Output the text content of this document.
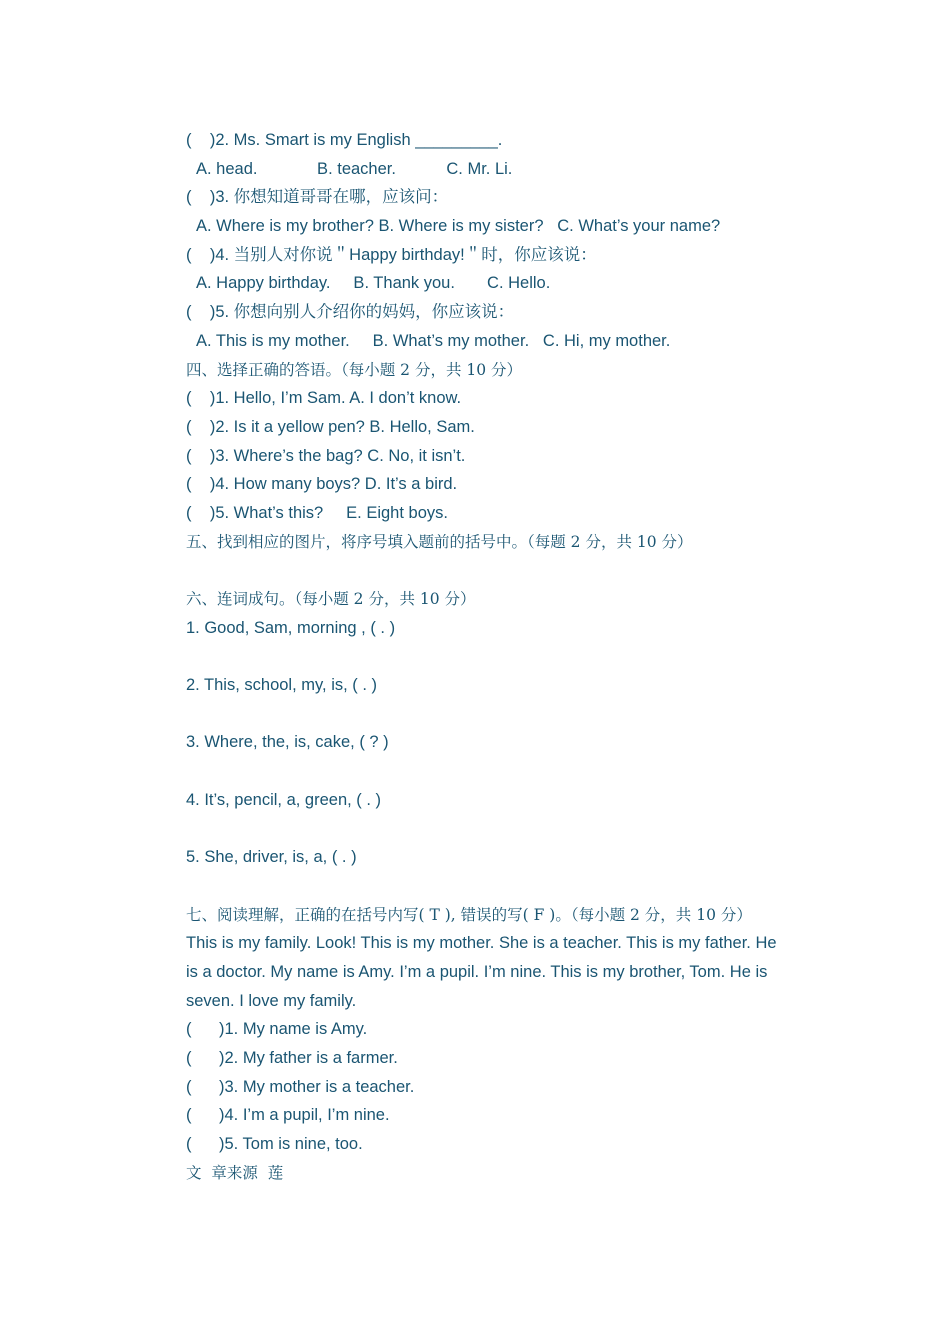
(    )2. Ms. Smart is my English _________.
A. head.             B. teacher.           C. Mr. Li.
(    )3. 你想知道哥哥在哪，应该问：
A. Where is my brother? B. Where is my sister?   C. What’s your name?
(    )4. 当别人对你说＂Happy birthday!＂时，你应该说：
A. Happy birthday.     B. Thank you.       C. Hello.
(    )5. 你想向别人介绍你的妈妈，你应该说：
A. This is my mother.     B. What’s my mother.   C. Hi, my mother.
四、选择正确的答语。（每小题 2 分，共 10 分）
(    )1. Hello, I’m Sam. A. I don’t know.
(    )2. Is it a yellow pen? B. Hello, Sam.
(    )3. Where’s the bag? C. No, it isn’t.
(    )4. How many boys? D. It’s a bird.
(    )5. What’s this?     E. Eight boys.
五、找到相应的图片，将序号填入题前的括号中。（每题 2 分，共 10 分）
六、连词成句。（每小题 2 分，共 10 分）
1. Good, Sam, morning , ( . )
2. This, school, my, is, ( . )
3. Where, the, is, cake, ( ? )
4. It’s, pencil, a, green, ( . )
5. She, driver, is, a, ( . )
七、阅读理解，正确的在括号内写( T ), 错误的写( F )。（每小题 2 分，共 10 分）
This is my family. Look! This is my mother. She is a teacher. This is my father. He
is a doctor. My name is Amy. I’m a pupil. I’m nine. This is my brother, Tom. He is
seven. I love my family.
(      )1. My name is Amy.
(      )2. My father is a farmer.
(      )3. My mother is a teacher.
(      )4. I’m a pupil, I’m nine.
(      )5. Tom is nine, too.
文  章来源  莲
